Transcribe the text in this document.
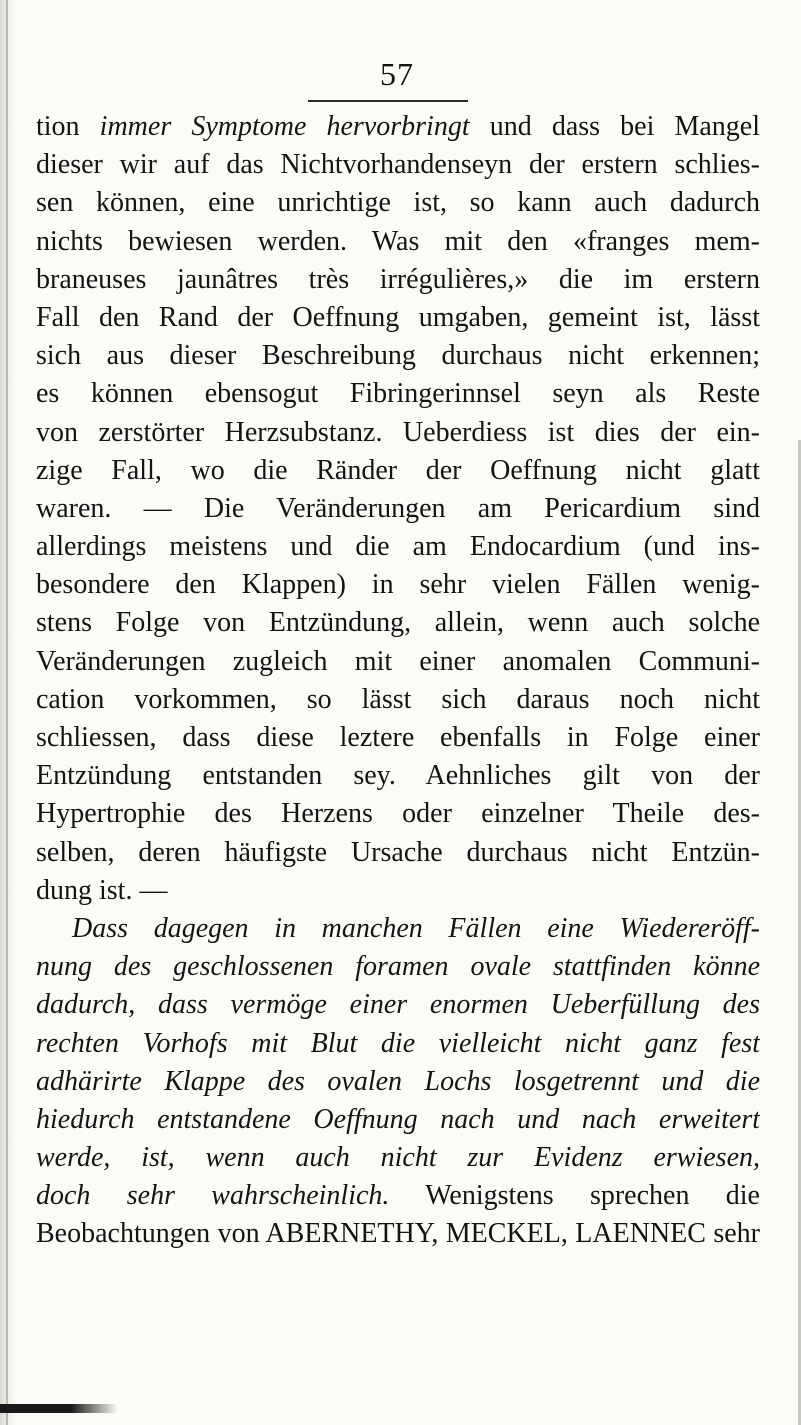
57
tion immer Symptome hervorbringt und dass bei Mangel
dieser wir auf das Nichtvorhandenseyn der erstern schlies-
sen können, eine unrichtige ist, so kann auch dadurch
nichts bewiesen werden. Was mit den «franges mem-
braneuses jaunâtres très irrégulières,» die im erstern
Fall den Rand der Oeffnung umgaben, gemeint ist, lässt
sich aus dieser Beschreibung durchaus nicht erkennen;
es können ebensogut Fibringerinnsel seyn als Reste
von zerstörter Herzsubstanz. Ueberdiess ist dies der ein-
zige Fall, wo die Ränder der Oeffnung nicht glatt
waren. — Die Veränderungen am Pericardium sind
allerdings meistens und die am Endocardium (und ins-
besondere den Klappen) in sehr vielen Fällen wenig-
stens Folge von Entzündung, allein, wenn auch solche
Veränderungen zugleich mit einer anomalen Communi-
cation vorkommen, so lässt sich daraus noch nicht
schliessen, dass diese leztere ebenfalls in Folge einer
Entzündung entstanden sey. Aehnliches gilt von der
Hypertrophie des Herzens oder einzelner Theile des-
selben, deren häufigste Ursache durchaus nicht Entzün-
dung ist. —
Dass dagegen in manchen Fällen eine Wiedereröff-
nung des geschlossenen foramen ovale stattfinden könne
dadurch, dass vermöge einer enormen Ueberfüllung des
rechten Vorhofs mit Blut die vielleicht nicht ganz fest
adhärirte Klappe des ovalen Lochs losgetrennt und die
hiedurch entstandene Oeffnung nach und nach erweitert
werde, ist, wenn auch nicht zur Evidenz erwiesen,
doch sehr wahrscheinlich. Wenigstens sprechen die
Beobachtungen von ABERNETHY, MECKEL, LAENNEC sehr
